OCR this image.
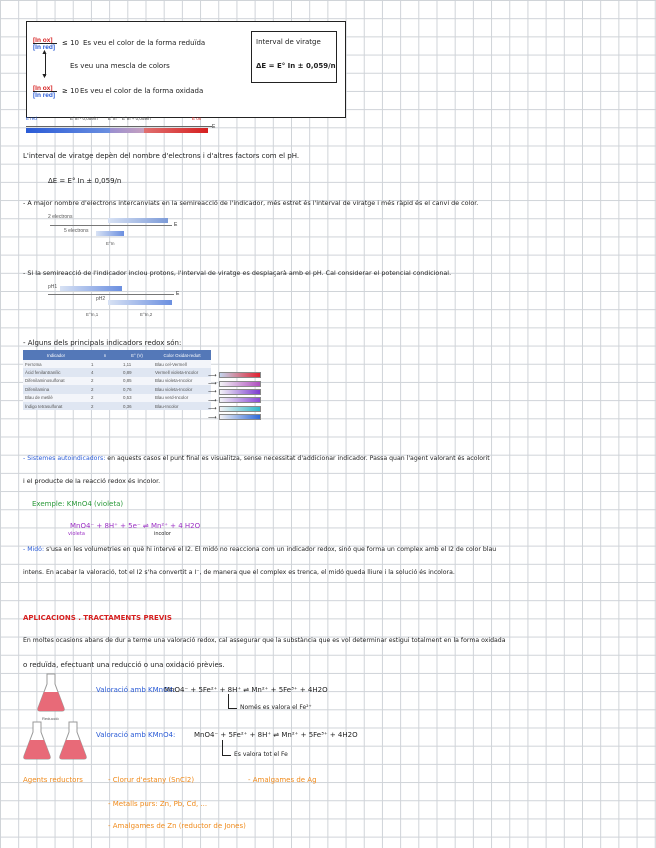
[In ox]
[In red]
≤ 10 Es veu el color de la forma reduïda
▲
▼
Es veu una mescla de colors
[In ox]
[In red]
≥ 10 Es veu el color de la forma oxidada
Interval de viratge
ΔE = E° In ± 0,059/n
E red	E°In - 0,059/n E°In E°In + 0,059/n	E ox
E
L'interval de viratge depèn del nombre d'electrons i d'altres factors com el pH.
ΔE = E° In ± 0,059/n
- A major nombre d'electrons intercanviats en la semireacció de l'indicador, més estret és l'interval de viratge i més ràpid és el canvi de color.
2 electrons
5 electrons
E
E°In
- Si la semireacció de l'indicador inclou protons, l'interval de viratge es desplaçarà amb el pH. Cal considerar el potencial condicional.
pH1
pH2
E
E°In,1	E°In,2
- Alguns dels principals indicadors redox són:
Indicador	n	E° (V)	Color Oxidat-reduït
Ferroïna	1	1,11	Blau cel-Vermell
Àcid fenilantranílic	4	0,89	Vermell violeta-Incolor
Difenilaminosulfonat	2	0,85	Blau violeta-Incolor
Difenilamina	2	0,76	Blau violeta-Incolor
Blau de metilè	2	0,53	Blau verd-Incolor
Índigo tetrasulfonat	2	0,36	Blau-Incolor
⟶
⟶
⟶
⟶
⟶
⟶
- Sistemes autoindicadors: en aquests casos el punt final es visualitza, sense necessitat d'addicionar indicador. Passa quan l'agent valorant és acolorit
i el producte de la reacció redox és incolor.
Exemple: KMnO4 (violeta)
MnO4⁻ + 8H⁺ + 5e⁻ ⇌ Mn²⁺ + 4 H2O
violeta	incolor
- Midó: s'usa en les volumetries en què hi intervé el I2. El midó no reacciona com un indicador redox, sinó que forma un complex amb el I2 de color blau
intens. En acabar la valoració, tot el I2 s'ha convertit a I⁻, de manera que el complex es trenca, el midó queda lliure i la solució és incolora.
APLICACIONS . TRACTAMENTS PREVIS
En moltes ocasions abans de dur a terme una valoració redox, cal assegurar que la substància que es vol determinar estigui totalment en la forma oxidada
o reduïda, efectuant una reducció o una oxidació prèvies.
Reducció
Valoració amb KMnO4:
MnO4⁻ + 5Fe²⁺ + 8H⁺ ⇌ Mn²⁺ + 5Fe³⁺ + 4H2O
Només es valora el Fe²⁺
Valoració amb KMnO4:	MnO4⁻ + 5Fe²⁺ + 8H⁺ ⇌ Mn²⁺ + 5Fe³⁺ + 4H2O
Es valora tot el Fe
Agents reductors	- Clorur d'estany (SnCl2)	- Amalgames de Ag
- Metalls purs: Zn, Pb, Cd, ...
- Amalgames de Zn (reductor de Jones)
